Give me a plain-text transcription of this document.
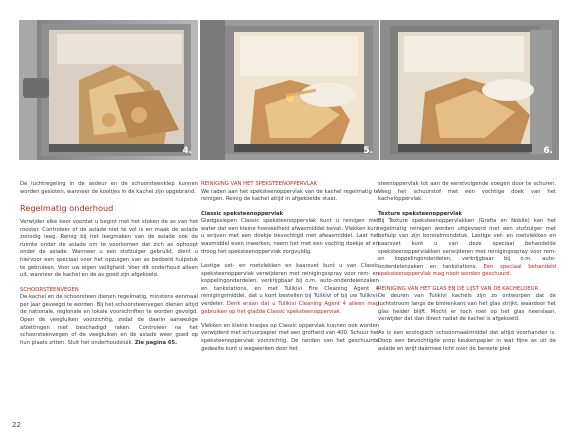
4.	5.	6.

De luchtregeling in de asdeur en de schoorsteenklep kunnen worden gesloten, wanneer de kooltjes in de kachel zijn opgebrand.

Regelmatig onderhoud

Verwijder elke keer voordat u begint met het stoken de as van het rooster. Controleer of de aslade niet te vol is en maak de aslade zonodig leeg. Reinig bij het leegmaken van de aslade ook de ruimte onder de aslade om te voorkomen dat zich as ophoopt onder de aslade. Wanneer u een stofzuiger gebruikt, dient u hiervoor een speciaal voor het opzuigen van as bedoeld hulpstuk te gebruiken. Voor uw eigen veiligheid: Voer dit onderhoud alleen uit, wanneer de kachel en de as goed zijn afgekoeld.

SCHOORSTEENVEGEN

De kachel en de schoorsteen dienen regelmatig, minstens eenmaal per jaar geveegd te worden. Bij het schoorsteenvegen dienen altijd de nationale, regionale en lokale voorschriften te worden gevolgd. Open de veegluiken voorzichtig, zodat de daarin aanwezige afzettingen niet beschadigd raken. Controleer na het schoorsteenvegen of de veegluiken en de aslade weer goed op hun plaats zitten. Sluit het onderhoudsluik. Zie pagina 65.

REINIGING VAN HET SPEKSTEENOPPERVLAK

We raden aan het speksteenoppervlak van de kachel regelmatig te reinigen. Reinig de kachel altijd in afgekoelde staat.

Classic speksteenoppervlak

Gladgeslepen Classic speksteenoppervlak kunt u reinigen met water dat een kleine hoeveelheid afwasmiddel bevat. Vlekken kunt u wrijven met een doekje bevochtigd met afwasmiddel. Laat het wasmiddel even inwerken, neem het met een vochtig doekje af en droog het speksteenoppervlak zorgvuldig.

Lastige vet- en roetvlekken en kaarsvet kunt u van Classic speksteenoppervlak verwijderen met reinigingsspray voor rem- en koppelingonderdelen, verkrijgbaar bij o.m. auto-onderdelenzaken en tankstations, en met Tulikivi Fire Cleaning Agent 4 reinigingsmiddel, dat u kunt bestellen bij Tulikivi of bij uw Tulikivi-verdeler. Denk eraan dat u Tulikivi Cleaning Agent 4 alleen mag gebruiken op het gladde Classic speksteenoppervlak.

Vlekken en kleine krasjes op Classic oppervlak kunnen ook worden verwijderd met schuurpapier met een grofheid van 400. Schuur het speksteenoppervlak voorzichtig. De randen van het geschuurde gedeelte kunt u wegwerken door het

steenoppervlak tot aan de eerstvolgende voegen door te schuren. Veeg het schuurstof met een vochtige doek van het kacheloppervlak.

Texture speksteenoppervlak

Bij Texture speksteenoppervlakken (Grafia en Nobile) kan het regelmatig reinigen worden uitgevoerd met een stofzuiger met behulp van zijn borstelmondstuk. Lastige vet- en roetvlekken en kaarsvet kunt u van deze speciaal behandelde speksteenoppervlakken verwijderen met reinigingsspray voor rem- en koppelingonderdelen, verkrijgbaar bij o.m. auto-onderdelenzaken en tankstations. Een speciaal behandeld speksteenoppervlak mag nooit worden geschuurd.

REINIGING VAN HET GLAS EN DE LIJST VAN DE KACHELDEUR

De deuren van Tulikivi kachels zijn zo ontworpen dat de luchtstroom langs de binnenkant van het glas strijkt, waardoor het glas helder blijft. Mocht er toch roet op het glas neerslaan, verwijder dat dan direct nadat de kachel is afgekoeld.

As is een ecologisch schoonmaakmiddel dat altijd voorhanden is. Doop een bevochtigde prop keukenpapier in wat fijne as uit de aslade en wrijf daarmee licht over de bereete plek

22
